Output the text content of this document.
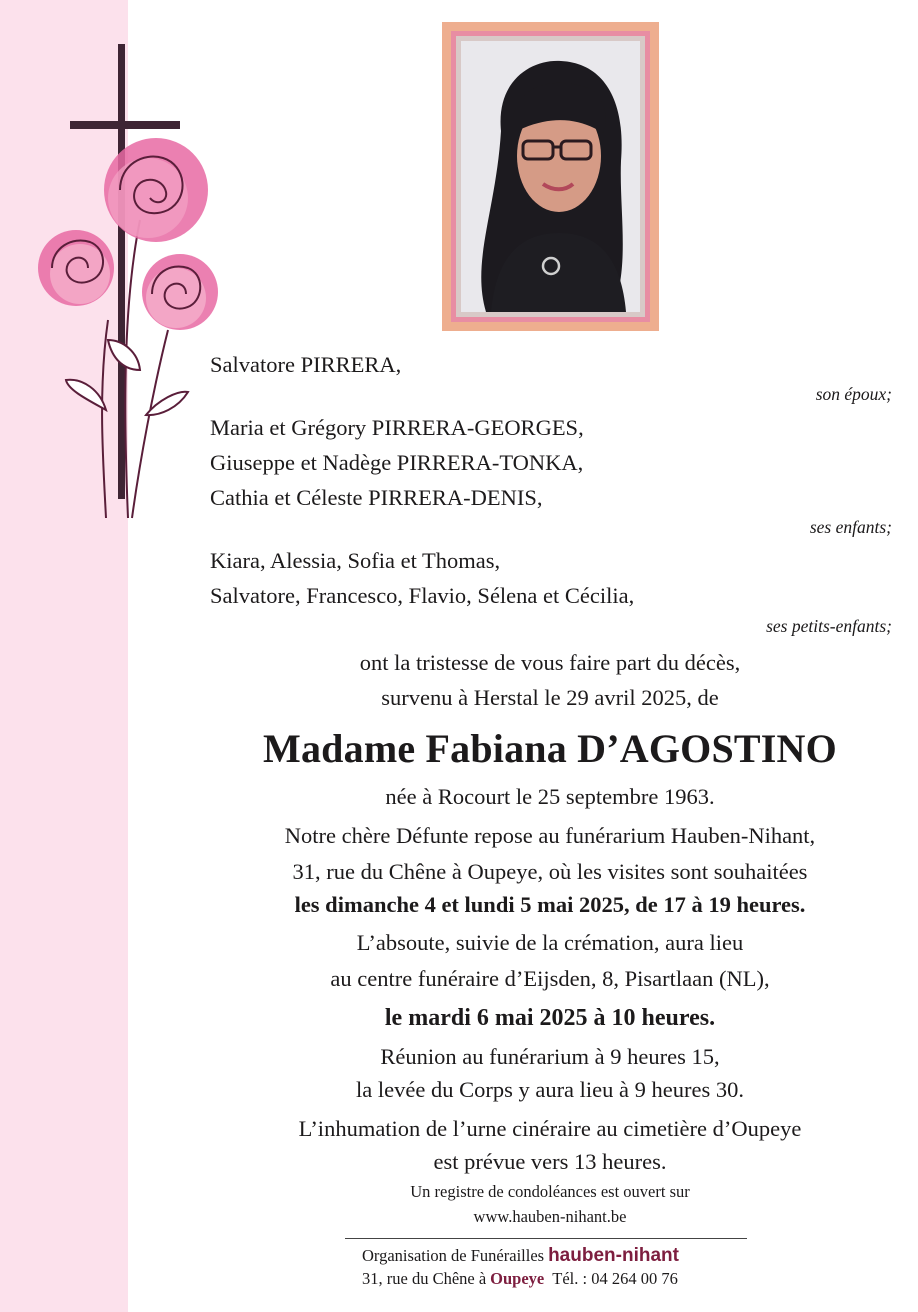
Salvatore PIRRERA,
son époux;
Maria et Grégory PIRRERA-GEORGES,
Giuseppe et Nadège PIRRERA-TONKA,
Cathia et Céleste PIRRERA-DENIS,
ses enfants;
Kiara, Alessia, Sofia et Thomas,
Salvatore, Francesco, Flavio, Sélena et Cécilia,
ses petits-enfants;
ont la tristesse de vous faire part du décès,
survenu à Herstal le 29 avril 2025, de
Madame Fabiana D’AGOSTINO
née à Rocourt le 25 septembre 1963.
Notre chère Défunte repose au funérarium Hauben-Nihant,
31, rue du Chêne à Oupeye, où les visites sont souhaitées
les dimanche 4 et lundi 5 mai 2025, de 17 à 19 heures.
L’absoute, suivie de la crémation, aura lieu
au centre funéraire d’Eijsden, 8, Pisartlaan (NL),
le mardi 6 mai 2025 à 10 heures.
Réunion au funérarium à 9 heures 15,
la levée du Corps y aura lieu à 9 heures 30.
L’inhumation de l’urne cinéraire au cimetière d’Oupeye
est prévue vers 13 heures.
Un registre de condoléances est ouvert sur
www.hauben-nihant.be
Organisation de Funérailles hauben-nihant
31, rue du Chêne à Oupeye Tél. : 04 264 00 76
